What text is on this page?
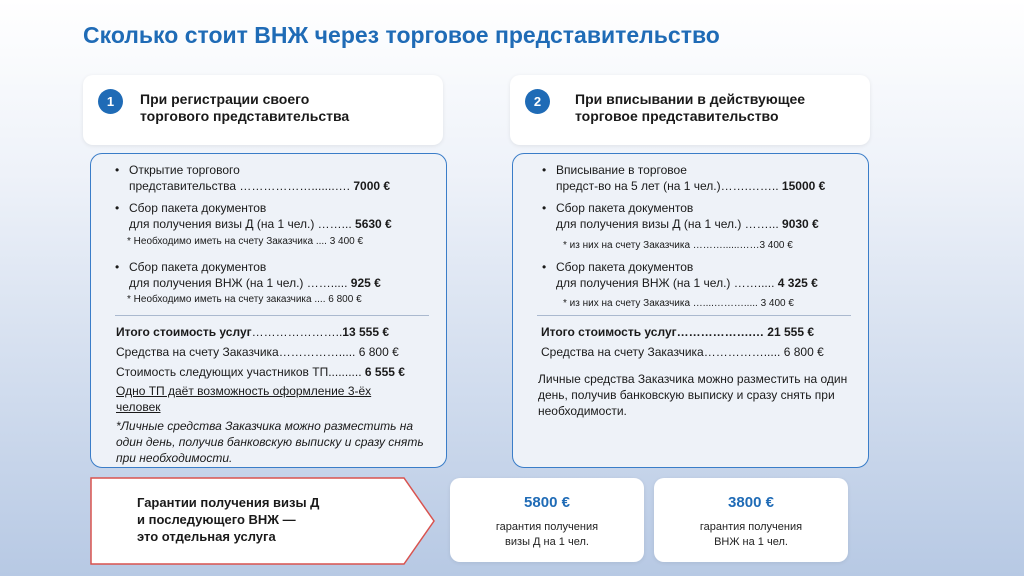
Сколько стоит ВНЖ через торговое представительство
1	При регистрации своего
торгового представительства
2	При вписывании в действующее
торговое представительство
• Открытие торгового
представительства ……………….......…. 7000 €
• Сбор пакета документов
для получения визы Д (на 1 чел.) ……... 5630 €
* Необходимо иметь на счету Заказчика .... 3 400 €
• Сбор пакета документов
для получения ВНЖ (на 1 чел.) ……..... 925 €
* Необходимо иметь на счету заказчика .... 6 800 €
Итого стоимость услуг…………………..13 555 €
Средства на счету Заказчика……………..... 6 800 €
Стоимость следующих участников ТП.......... 6 555 €
Одно ТП даёт возможность оформление 3-ёх человек
*Личные средства Заказчика можно разместить на один день, получив банковскую выписку и сразу снять при необходимости.
• Вписывание в торговое
предст-во на 5 лет (на 1 чел.)…….…….. 15000 €
• Сбор пакета документов
для получения визы Д (на 1 чел.) ……... 9030 €
* из них на счету Заказчика ………......……3 400 €
• Сбор пакета документов
для получения ВНЖ (на 1 чел.) ……..... 4 325 €
* из них на счету Заказчика …....………..... 3 400 €
Итого стоимость услуг……………….… 21 555 €
Средства на счету Заказчика……………..... 6 800 €
Личные средства Заказчика можно разместить на один день, получив банковскую выписку и сразу снять при необходимости.
Гарантии получения визы Д
и последующего ВНЖ —
это отдельная услуга
5800 €
гарантия получения
визы Д на 1 чел.
3800 €
гарантия получения
ВНЖ на 1 чел.
